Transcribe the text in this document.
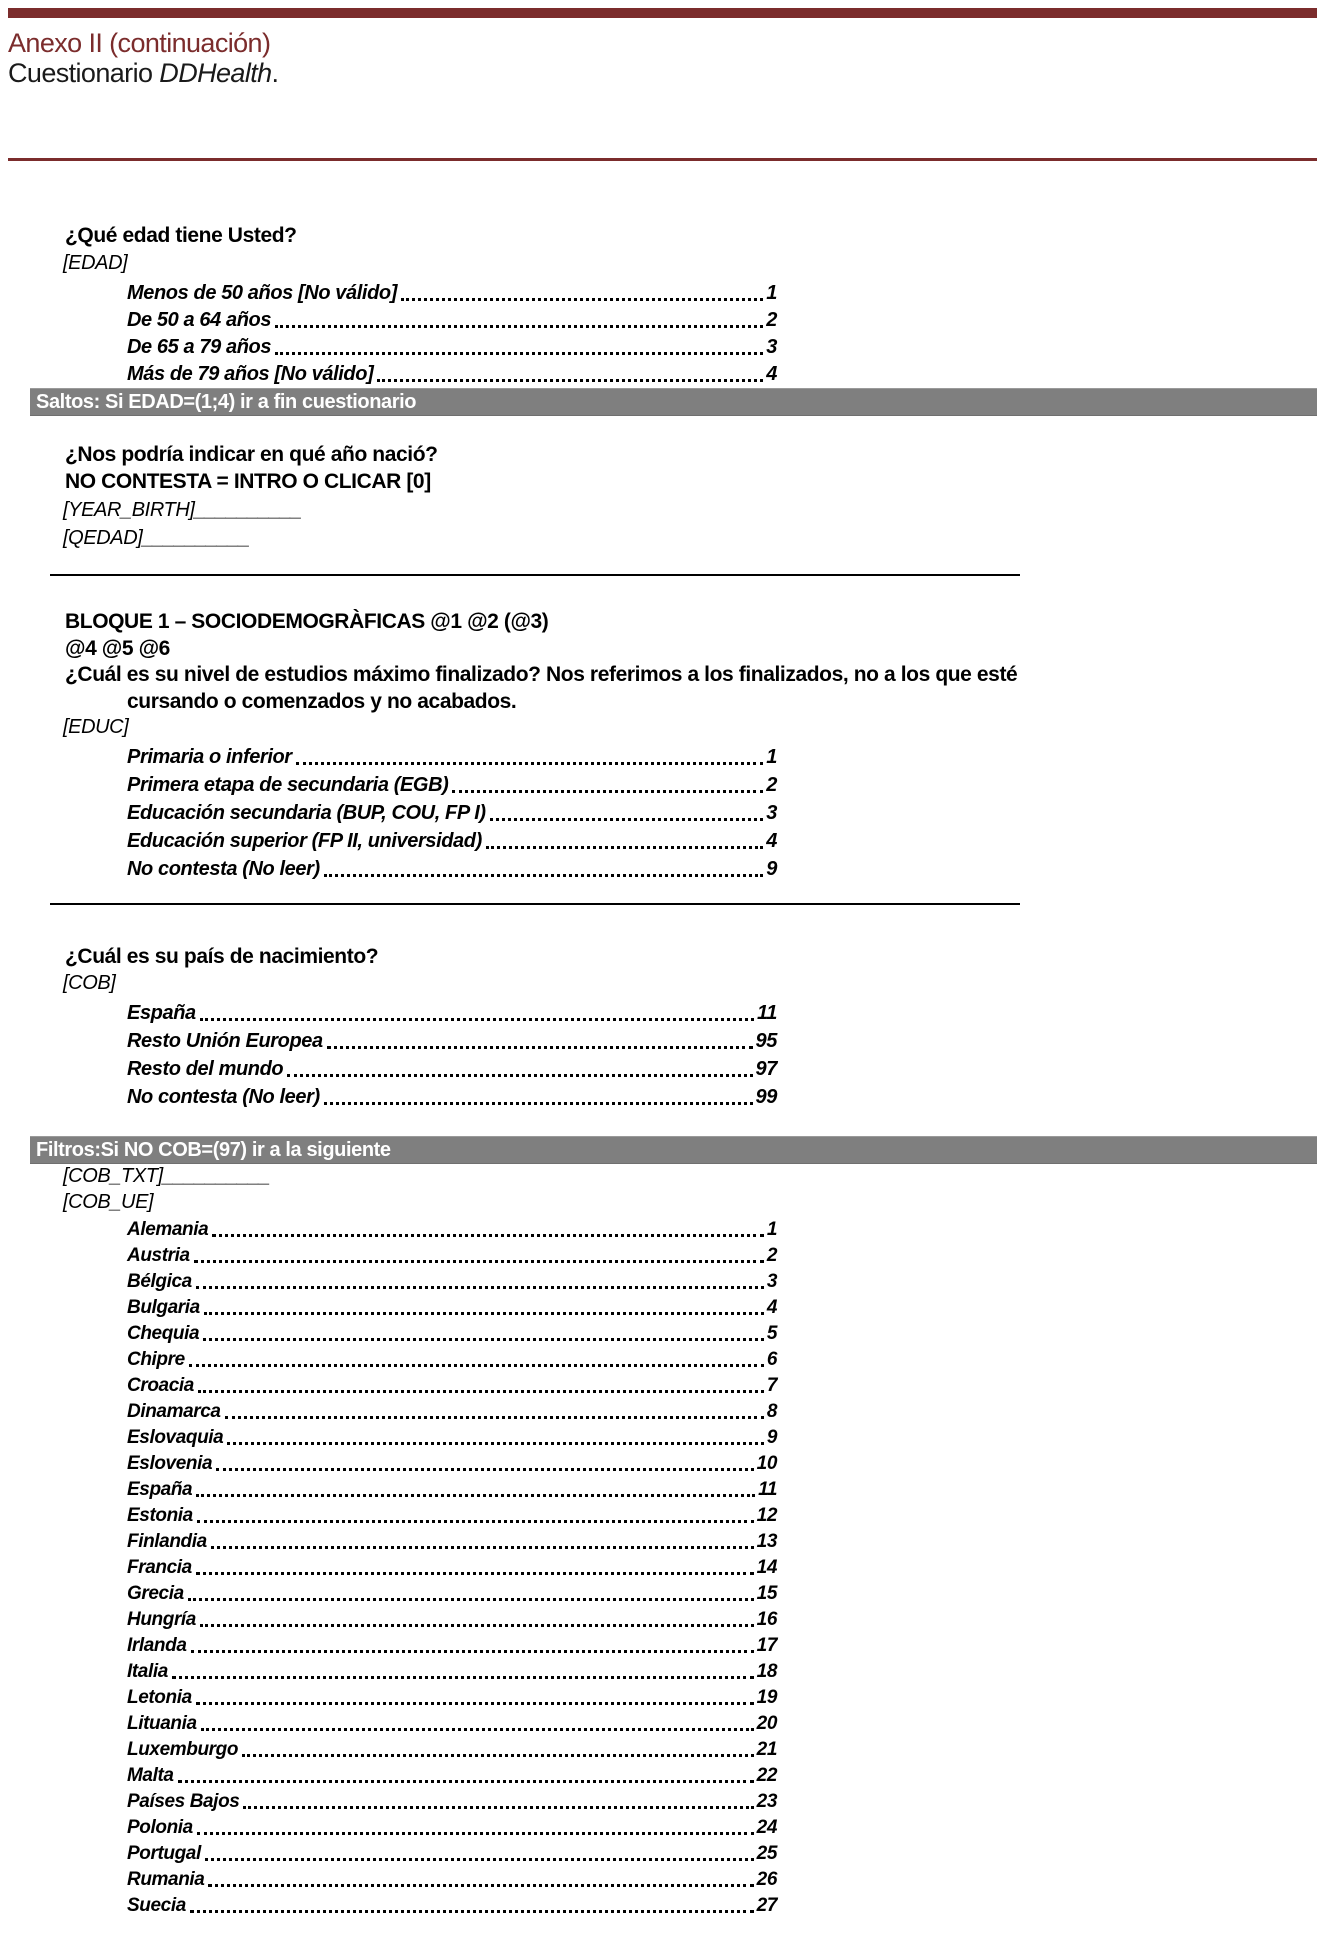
Anexo II (continuación)
Cuestionario DDHealth.
¿Qué edad tiene Usted?
[EDAD]
Menos de 50 años [No válido]	1
De 50 a 64 años	2
De 65 a 79 años	3
Más de 79 años [No válido]	4
Saltos: Si EDAD=(1;4) ir a fin cuestionario
¿Nos podría indicar en qué año nació?
NO CONTESTA = INTRO O CLICAR [0]
[YEAR_BIRTH]__________
[QEDAD]__________
BLOQUE 1 – SOCIODEMOGRÀFICAS @1 @2 (@3)
@4 @5 @6
¿Cuál es su nivel de estudios máximo finalizado? Nos referimos a los finalizados, no a los que esté
cursando o comenzados y no acabados.
[EDUC]
Primaria o inferior	1
Primera etapa de secundaria (EGB)	2
Educación secundaria (BUP, COU, FP I)	3
Educación superior (FP II, universidad)	4
No contesta (No leer)	9
¿Cuál es su país de nacimiento?
[COB]
España	11
Resto Unión Europea	95
Resto del mundo	97
No contesta (No leer)	99
Filtros:Si NO COB=(97) ir a la siguiente
[COB_TXT]__________
[COB_UE]
Alemania	1
Austria	2
Bélgica	3
Bulgaria	4
Chequia	5
Chipre	6
Croacia	7
Dinamarca	8
Eslovaquia	9
Eslovenia	10
España	11
Estonia	12
Finlandia	13
Francia	14
Grecia	15
Hungría	16
Irlanda	17
Italia	18
Letonia	19
Lituania	20
Luxemburgo	21
Malta	22
Países Bajos	23
Polonia	24
Portugal	25
Rumania	26
Suecia	27
